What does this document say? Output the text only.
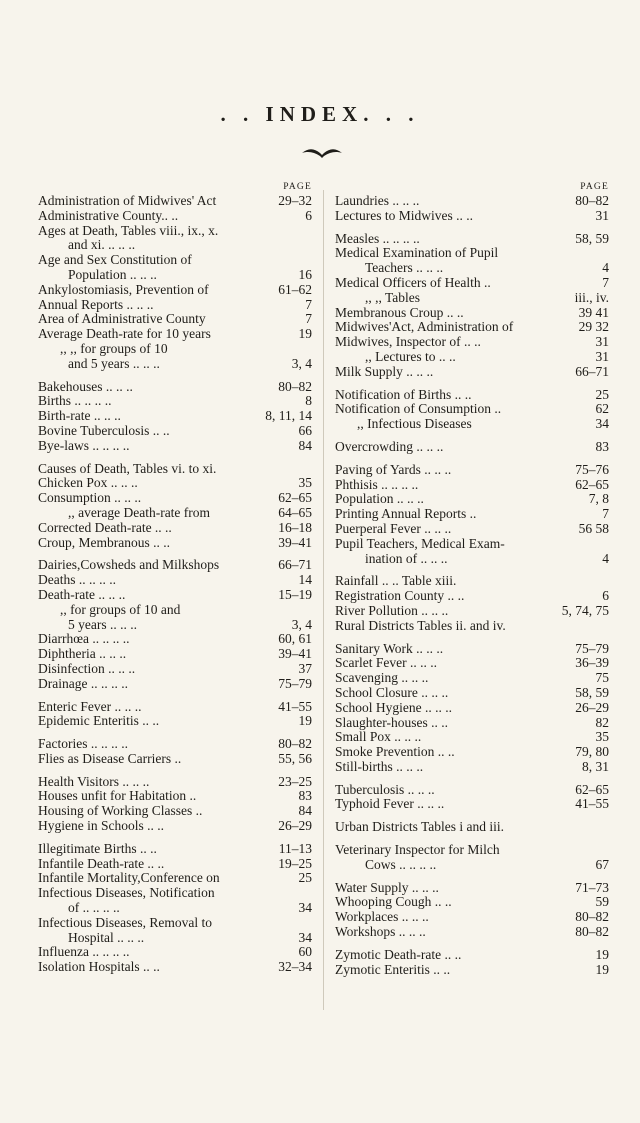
. . INDEX. . .
PAGE
Administration of Midwives' Act	29–32
Administrative County.. ..	6
Ages at Death, Tables viii., ix., x.
and xi. .. .. ..
Age and Sex Constitution of
Population .. .. ..	16
Ankylostomiasis, Prevention of	61–62
Annual Reports .. .. ..	7
Area of Administrative County	7
Average Death-rate for 10 years	19
,, ,, for groups of 10
and 5 years .. .. ..	3, 4
Bakehouses .. .. ..	80–82
Births .. .. .. ..	8
Birth-rate .. .. ..	8, 11, 14
Bovine Tuberculosis .. ..	66
Bye-laws .. .. .. ..	84
Causes of Death, Tables vi. to xi.
Chicken Pox .. .. ..	35
Consumption .. .. ..	62–65
,, average Death-rate from	64–65
Corrected Death-rate .. ..	16–18
Croup, Membranous .. ..	39–41
Dairies,Cowsheds and Milkshops	66–71
Deaths .. .. .. ..	14
Death-rate .. .. ..	15–19
,, for groups of 10 and
5 years .. .. ..	3, 4
Diarrhœa .. .. .. ..	60, 61
Diphtheria .. .. ..	39–41
Disinfection .. .. ..	37
Drainage .. .. .. ..	75–79
Enteric Fever .. .. ..	41–55
Epidemic Enteritis .. ..	19
Factories .. .. .. ..	80–82
Flies as Disease Carriers ..	55, 56
Health Visitors .. .. ..	23–25
Houses unfit for Habitation ..	83
Housing of Working Classes ..	84
Hygiene in Schools .. ..	26–29
Illegitimate Births .. ..	11–13
Infantile Death-rate .. ..	19–25
Infantile Mortality,Conference on	25
Infectious Diseases, Notification
of .. .. .. ..	34
Infectious Diseases, Removal to
Hospital .. .. ..	34
Influenza .. .. .. ..	60
Isolation Hospitals .. ..	32–34
PAGE
Laundries .. .. ..	80–82
Lectures to Midwives .. ..	31
Measles .. .. .. ..	58, 59
Medical Examination of Pupil
Teachers .. .. ..	4
Medical Officers of Health ..	7
,, ,, Tables	iii., iv.
Membranous Croup .. ..	39 41
Midwives'Act, Administration of	29 32
Midwives, Inspector of .. ..	31
,, Lectures to .. ..	31
Milk Supply .. .. ..	66–71
Notification of Births .. ..	25
Notification of Consumption ..	62
,, Infectious Diseases	34
Overcrowding .. .. ..	83
Paving of Yards .. .. ..	75–76
Phthisis .. .. .. ..	62–65
Population .. .. ..	7, 8
Printing Annual Reports ..	7
Puerperal Fever .. .. ..	56 58
Pupil Teachers, Medical Exam-
ination of .. .. ..	4
Rainfall .. .. Table xiii.
Registration County .. ..	6
River Pollution .. .. ..	5, 74, 75
Rural Districts Tables ii. and iv.
Sanitary Work .. .. ..	75–79
Scarlet Fever .. .. ..	36–39
Scavenging .. .. ..	75
School Closure .. .. ..	58, 59
School Hygiene .. .. ..	26–29
Slaughter-houses .. ..	82
Small Pox .. .. ..	35
Smoke Prevention .. ..	79, 80
Still-births .. .. ..	8, 31
Tuberculosis .. .. ..	62–65
Typhoid Fever .. .. ..	41–55
Urban Districts Tables i and iii.
Veterinary Inspector for Milch
Cows .. .. .. ..	67
Water Supply .. .. ..	71–73
Whooping Cough .. ..	59
Workplaces .. .. ..	80–82
Workshops .. .. ..	80–82
Zymotic Death-rate .. ..	19
Zymotic Enteritis .. ..	19
